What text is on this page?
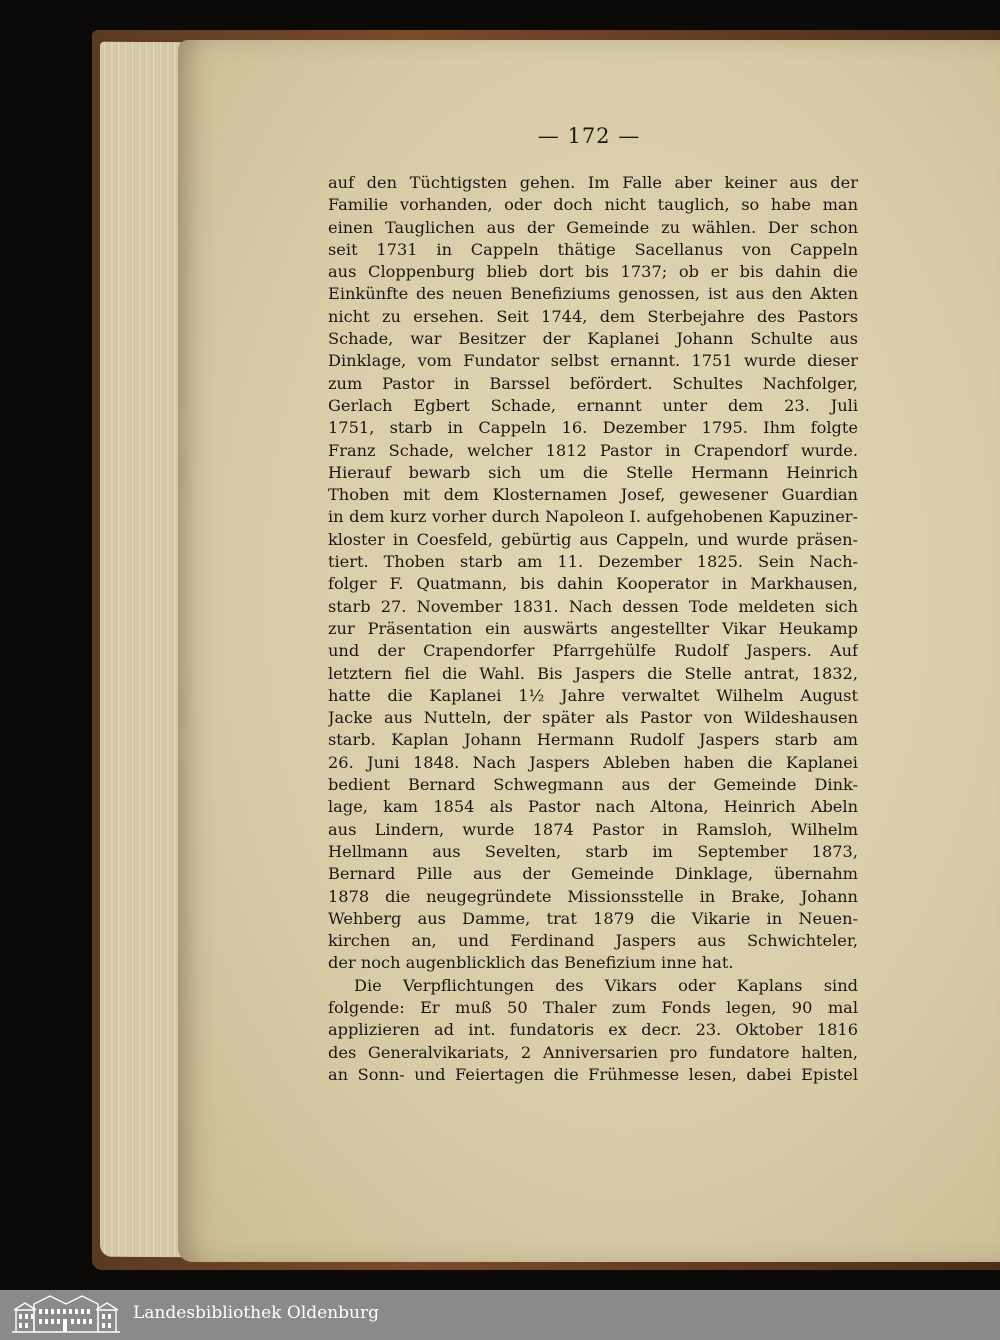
— 172 —
auf den Tüchtigsten gehen. Im Falle aber keiner aus der
Familie vorhanden, oder doch nicht tauglich, so habe man
einen Tauglichen aus der Gemeinde zu wählen. Der schon
seit 1731 in Cappeln thätige Sacellanus von Cappeln
aus Cloppenburg blieb dort bis 1737; ob er bis dahin die
Einkünfte des neuen Benefiziums genossen, ist aus den Akten
nicht zu ersehen. Seit 1744, dem Sterbejahre des Pastors
Schade, war Besitzer der Kaplanei Johann Schulte aus
Dinklage, vom Fundator selbst ernannt. 1751 wurde dieser
zum Pastor in Barssel befördert. Schultes Nachfolger,
Gerlach Egbert Schade, ernannt unter dem 23. Juli
1751, starb in Cappeln 16. Dezember 1795. Ihm folgte
Franz Schade, welcher 1812 Pastor in Crapendorf wurde.
Hierauf bewarb sich um die Stelle Hermann Heinrich
Thoben mit dem Klosternamen Josef, gewesener Guardian
in dem kurz vorher durch Napoleon I. aufgehobenen Kapuziner-
kloster in Coesfeld, gebürtig aus Cappeln, und wurde präsen-
tiert. Thoben starb am 11. Dezember 1825. Sein Nach-
folger F. Quatmann, bis dahin Kooperator in Markhausen,
starb 27. November 1831. Nach dessen Tode meldeten sich
zur Präsentation ein auswärts angestellter Vikar Heukamp
und der Crapendorfer Pfarrgehülfe Rudolf Jaspers. Auf
letztern fiel die Wahl. Bis Jaspers die Stelle antrat, 1832,
hatte die Kaplanei 1½ Jahre verwaltet Wilhelm August
Jacke aus Nutteln, der später als Pastor von Wildeshausen
starb. Kaplan Johann Hermann Rudolf Jaspers starb am
26. Juni 1848. Nach Jaspers Ableben haben die Kaplanei
bedient Bernard Schwegmann aus der Gemeinde Dink-
lage, kam 1854 als Pastor nach Altona, Heinrich Abeln
aus Lindern, wurde 1874 Pastor in Ramsloh, Wilhelm
Hellmann aus Sevelten, starb im September 1873,
Bernard Pille aus der Gemeinde Dinklage, übernahm
1878 die neugegründete Missionsstelle in Brake, Johann
Wehberg aus Damme, trat 1879 die Vikarie in Neuen-
kirchen an, und Ferdinand Jaspers aus Schwichteler,
der noch augenblicklich das Benefizium inne hat.
Die Verpflichtungen des Vikars oder Kaplans sind
folgende: Er muß 50 Thaler zum Fonds legen, 90 mal
applizieren ad int. fundatoris ex decr. 23. Oktober 1816
des Generalvikariats, 2 Anniversarien pro fundatore halten,
an Sonn- und Feiertagen die Frühmesse lesen, dabei Epistel
Landesbibliothek Oldenburg
